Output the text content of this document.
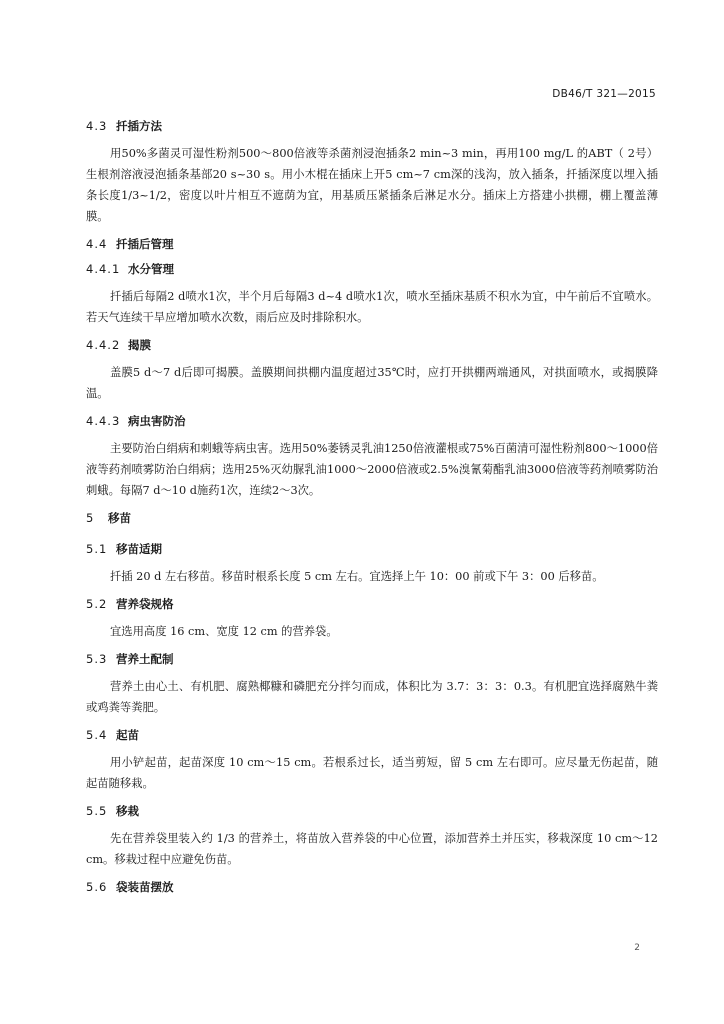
DB46/T 321—2015
4.3 扦插方法
用50%多菌灵可湿性粉剂500～800倍液等杀菌剂浸泡插条2 min~3 min，再用100 mg/L 的ABT（ 2号）生根剂溶液浸泡插条基部20 s~30 s。用小木棍在插床上开5 cm~7 cm深的浅沟，放入插条，扦插深度以埋入插条长度1/3~1/2，密度以叶片相互不遮荫为宜，用基质压紧插条后淋足水分。插床上方搭建小拱棚，棚上覆盖薄膜。
4.4 扦插后管理
4.4.1 水分管理
扦插后每隔2 d喷水1次，半个月后每隔3 d~4 d喷水1次，喷水至插床基质不积水为宜，中午前后不宜喷水。若天气连续干旱应增加喷水次数，雨后应及时排除积水。
4.4.2 揭膜
盖膜5 d～7 d后即可揭膜。盖膜期间拱棚内温度超过35℃时，应打开拱棚两端通风，对拱面喷水，或揭膜降温。
4.4.3 病虫害防治
主要防治白绢病和刺蛾等病虫害。选用50%萎锈灵乳油1250倍液灌根或75%百菌清可湿性粉剂800～1000倍液等药剂喷雾防治白绢病；选用25%灭幼脲乳油1000～2000倍液或2.5%溴氰菊酯乳油3000倍液等药剂喷雾防治刺蛾。每隔7 d～10 d施药1次，连续2～3次。
5 移苗
5.1 移苗适期
扦插 20 d 左右移苗。移苗时根系长度 5 cm 左右。宜选择上午 10：00 前或下午 3：00 后移苗。
5.2 营养袋规格
宜选用高度 16 cm、宽度 12 cm 的营养袋。
5.3 营养土配制
营养土由心土、有机肥、腐熟椰糠和磷肥充分拌匀而成，体积比为 3.7：3：3：0.3。有机肥宜选择腐熟牛粪或鸡粪等粪肥。
5.4 起苗
用小铲起苗，起苗深度 10 cm～15 cm。若根系过长，适当剪短，留 5 cm 左右即可。应尽量无伤起苗，随起苗随移栽。
5.5 移栽
先在营养袋里装入约 1/3 的营养土，将苗放入营养袋的中心位置，添加营养土并压实，移栽深度 10 cm～12 cm。移栽过程中应避免伤苗。
5.6 袋装苗摆放
2
